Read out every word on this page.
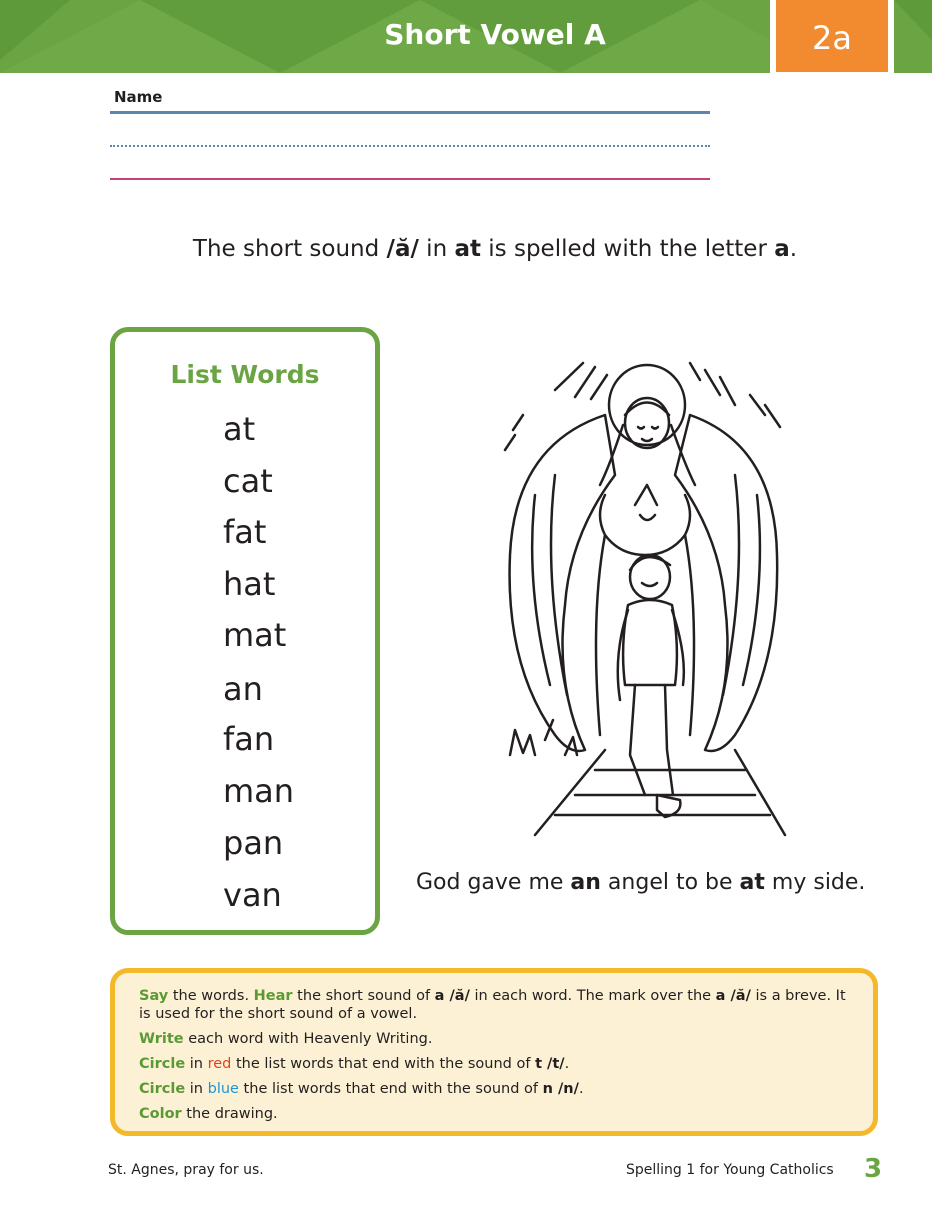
Short Vowel A	2a
Name
The short sound /ă/ in at is spelled with the letter a.
List Words
at
cat
fat
hat
mat
an
fan
man
pan
van	God gave me an angel to be at my side.

Say the words. Hear the short sound of a /ă/ in each word. The mark over the a /ă/ is a breve. It is used for the short sound of a vowel.

Write each word with Heavenly Writing.

Circle in red the list words that end with the sound of t /t/.

Circle in blue the list words that end with the sound of n /n/.

Color the drawing.

St. Agnes, pray for us.	Spelling 1 for Young Catholics 3
